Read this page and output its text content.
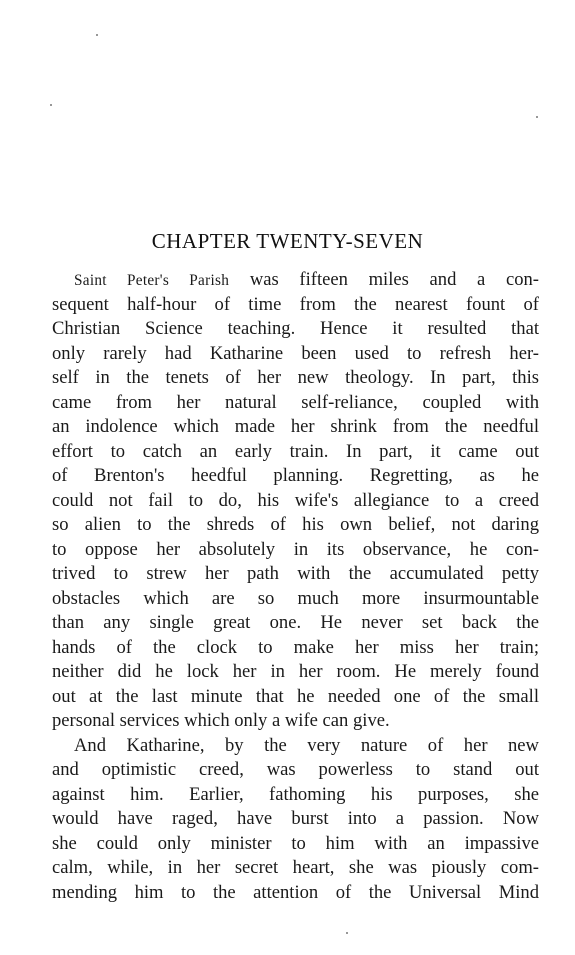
CHAPTER TWENTY-SEVEN
Saint Peter's Parish was fifteen miles and a con-
sequent half-hour of time from the nearest fount of
Christian Science teaching. Hence it resulted that
only rarely had Katharine been used to refresh her-
self in the tenets of her new theology. In part, this
came from her natural self-reliance, coupled with
an indolence which made her shrink from the needful
effort to catch an early train. In part, it came out
of Brenton's heedful planning. Regretting, as he
could not fail to do, his wife's allegiance to a creed
so alien to the shreds of his own belief, not daring
to oppose her absolutely in its observance, he con-
trived to strew her path with the accumulated petty
obstacles which are so much more insurmountable
than any single great one. He never set back the
hands of the clock to make her miss her train;
neither did he lock her in her room. He merely found
out at the last minute that he needed one of the small
personal services which only a wife can give.
And Katharine, by the very nature of her new
and optimistic creed, was powerless to stand out
against him. Earlier, fathoming his purposes, she
would have raged, have burst into a passion. Now
she could only minister to him with an impassive
calm, while, in her secret heart, she was piously com-
mending him to the attention of the Universal Mind
